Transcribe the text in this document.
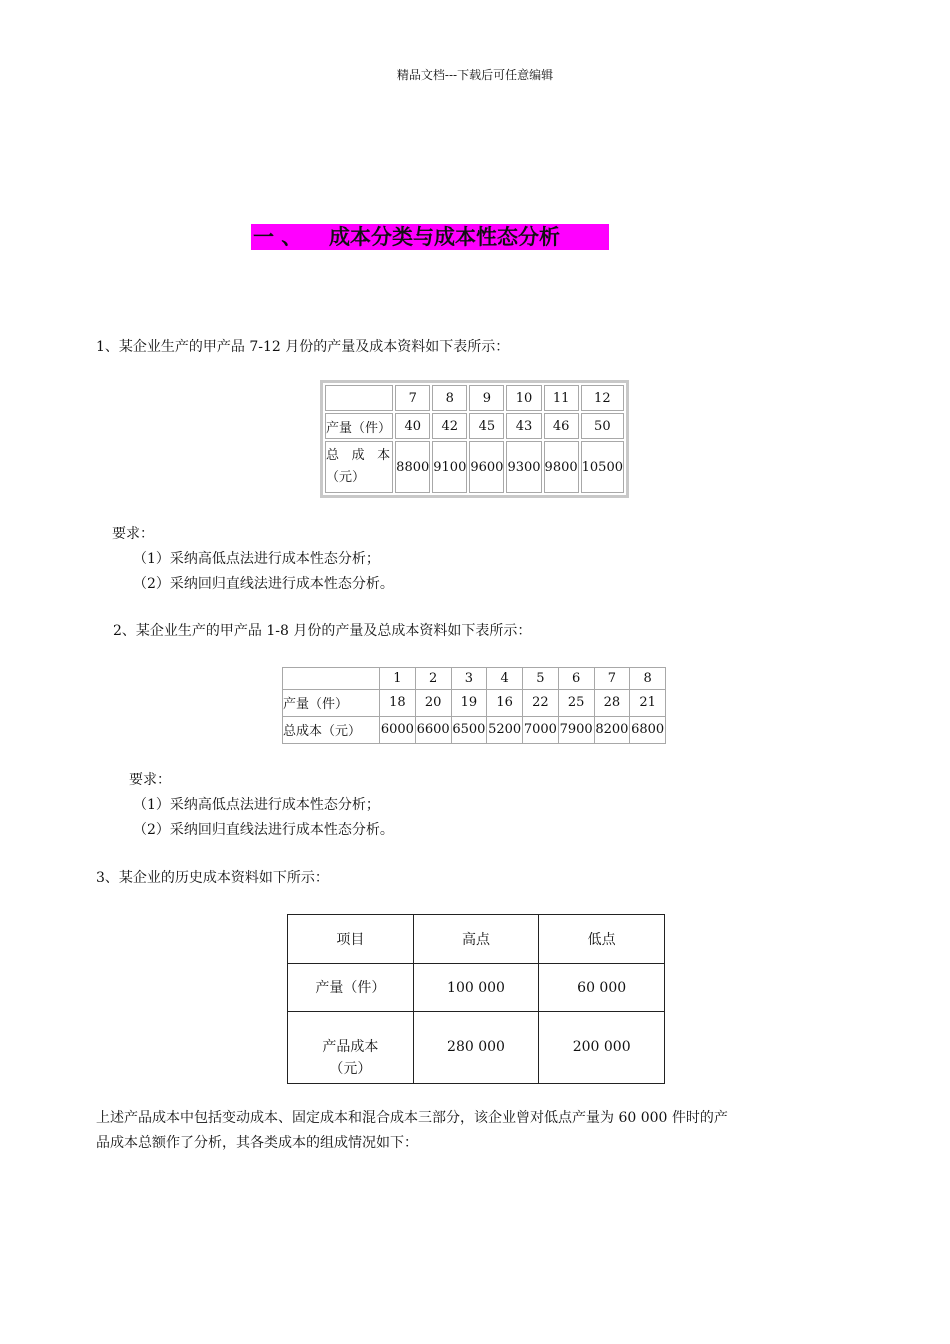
精品文档---下载后可任意编辑
一 、 成本分类与成本性态分析
1、某企业生产的甲产品 7-12 月份的产量及成本资料如下表所示：
	7	8	9	10	11	12
产量（件）	40	42	45	43	46	50

总 成 本
（元）	8800	9100	9600	9300	9800	10500
要求：
（1）采纳高低点法进行成本性态分析；
（2）采纳回归直线法进行成本性态分析。
2、某企业生产的甲产品 1-8 月份的产量及总成本资料如下表所示：
	1	2	3	4	5	6	7	8
产量（件）	18	20	19	16	22	25	28	21
总成本（元）	6000	6600	6500	5200	7000	7900	8200	6800
要求：
（1）采纳高低点法进行成本性态分析；
（2）采纳回归直线法进行成本性态分析。
3、某企业的历史成本资料如下所示：
项目	高点	低点
产量（件）	100 000	60 000

产品成本
（元）	280 000	200 000
上述产品成本中包括变动成本、固定成本和混合成本三部分，该企业曾对低点产量为 60 000 件时的产
品成本总额作了分析，其各类成本的组成情况如下：
